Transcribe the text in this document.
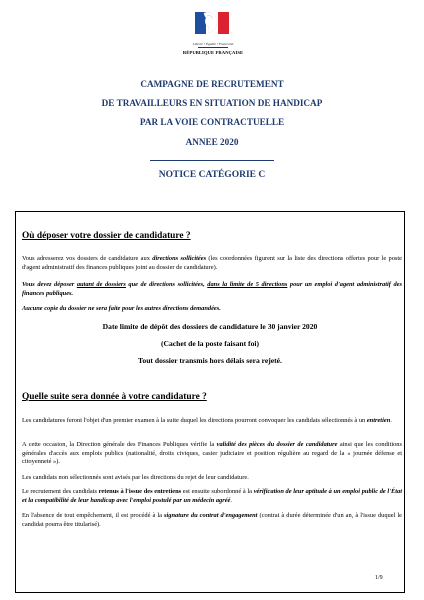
Liberté • Égalité • Fraternité
RÉPUBLIQUE FRANÇAISE
CAMPAGNE DE RECRUTEMENT
DE TRAVAILLEURS EN SITUATION DE HANDICAP
PAR LA VOIE CONTRACTUELLE
ANNEE 2020
NOTICE CATÉGORIE C
Où déposer votre dossier de candidature ?
Vous adresserez vos dossiers de candidature aux directions sollicitées (les coordonnées figurent sur la liste des directions offertes pour le poste d'agent administratif des finances publiques joint au dossier de candidature).
Vous devez déposer autant de dossiers que de directions sollicitées, dans la limite de 5 directions pour un emploi d'agent administratif des finances publiques.
Aucune copie du dossier ne sera faite pour les autres directions demandées.
Date limite de dépôt des dossiers de candidature le 30 janvier 2020
(Cachet de la poste faisant foi)
Tout dossier transmis hors délais sera rejeté.
Quelle suite sera donnée à votre candidature ?
Les candidatures feront l'objet d'un premier examen à la suite duquel les directions pourront convoquer les candidats sélectionnés à un entretien.
A cette occasion, la Direction générale des Finances Publiques vérifie la validité des pièces du dossier de candidature ainsi que les conditions générales d'accès aux emplois publics (nationalité, droits civiques, casier judiciaire et position régulière au regard de la « journée défense et citoyenneté »).
Les candidats non sélectionnés sont avisés par les directions du rejet de leur candidature.
Le recrutement des candidats retenus à l'issue des entretiens est ensuite subordonné à la vérification de leur aptitude à un emploi public de l'État et la compatibilité de leur handicap avec l'emploi postulé par un médecin agréé.
En l'absence de tout empêchement, il est procédé à la signature du contrat d'engagement (contrat à durée déterminée d'un an, à l'issue duquel le candidat pourra être titularisé).
1/9
